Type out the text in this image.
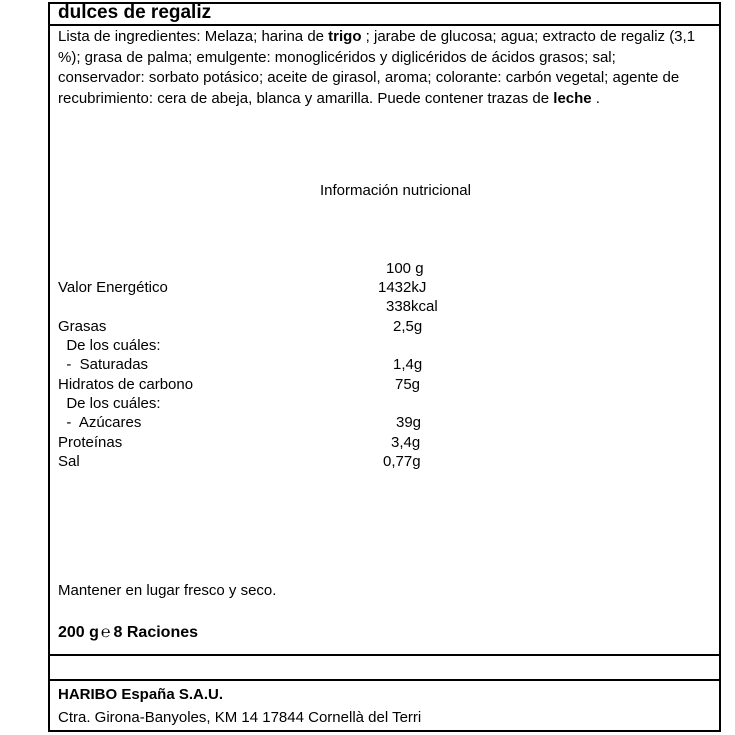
dulces de regaliz
Lista de ingredientes: Melaza; harina de trigo ; jarabe de glucosa; agua; extracto de regaliz (3,1 %); grasa de palma; emulgente: monoglicéridos y diglicéridos de ácidos grasos; sal; conservador: sorbato potásico; aceite de girasol, aroma; colorante: carbón vegetal; agente de recubrimiento: cera de abeja, blanca y amarilla. Puede contener trazas de leche .
Información nutricional
100 g
Valor Energético	1432kJ
338kcal
Grasas	2,5g
De los cuáles:
-  Saturadas	1,4g
Hidratos de carbono	75g
De los cuáles:
-  Azúcares	39g
Proteínas	3,4g
Sal	0,77g
Mantener en lugar fresco y seco.
200 g ℮ 8 Raciones
HARIBO España S.A.U.
Ctra. Girona-Banyoles, KM 14 17844 Cornellà del Terri
